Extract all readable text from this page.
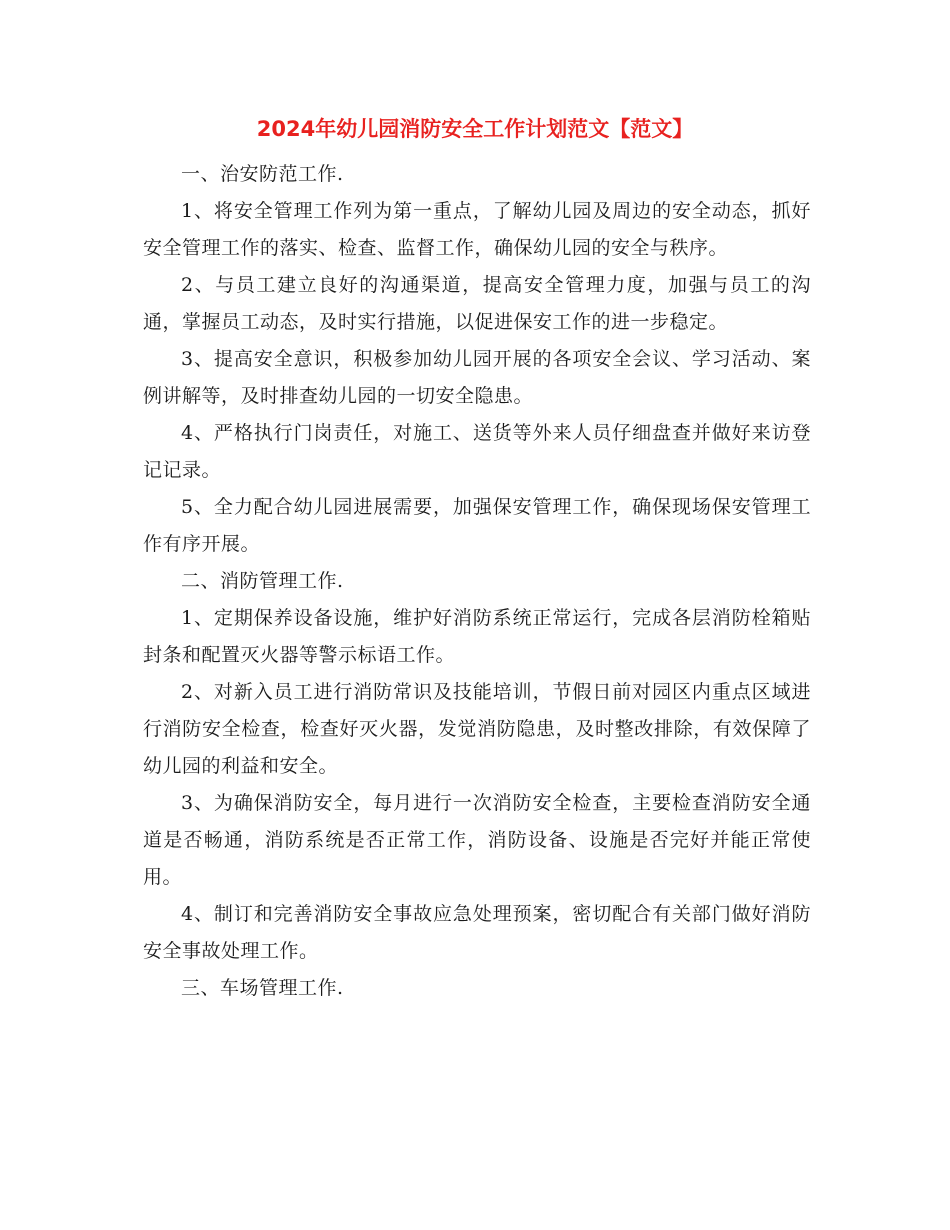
2024年幼儿园消防安全工作计划范文【范文】

一、治安防范工作.

1、将安全管理工作列为第一重点，了解幼儿园及周边的安全动态，抓好安全管理工作的落实、检查、监督工作，确保幼儿园的安全与秩序。

2、与员工建立良好的沟通渠道，提高安全管理力度，加强与员工的沟通，掌握员工动态，及时实行措施，以促进保安工作的进一步稳定。

3、提高安全意识，积极参加幼儿园开展的各项安全会议、学习活动、案例讲解等，及时排查幼儿园的一切安全隐患。

4、严格执行门岗责任，对施工、送货等外来人员仔细盘查并做好来访登记记录。

5、全力配合幼儿园进展需要，加强保安管理工作，确保现场保安管理工作有序开展。

二、消防管理工作.

1、定期保养设备设施，维护好消防系统正常运行，完成各层消防栓箱贴封条和配置灭火器等警示标语工作。

2、对新入员工进行消防常识及技能培训，节假日前对园区内重点区域进行消防安全检查，检查好灭火器，发觉消防隐患，及时整改排除，有效保障了幼儿园的利益和安全。

3、为确保消防安全，每月进行一次消防安全检查，主要检查消防安全通道是否畅通，消防系统是否正常工作，消防设备、设施是否完好并能正常使用。

4、制订和完善消防安全事故应急处理预案，密切配合有关部门做好消防安全事故处理工作。

三、车场管理工作.
